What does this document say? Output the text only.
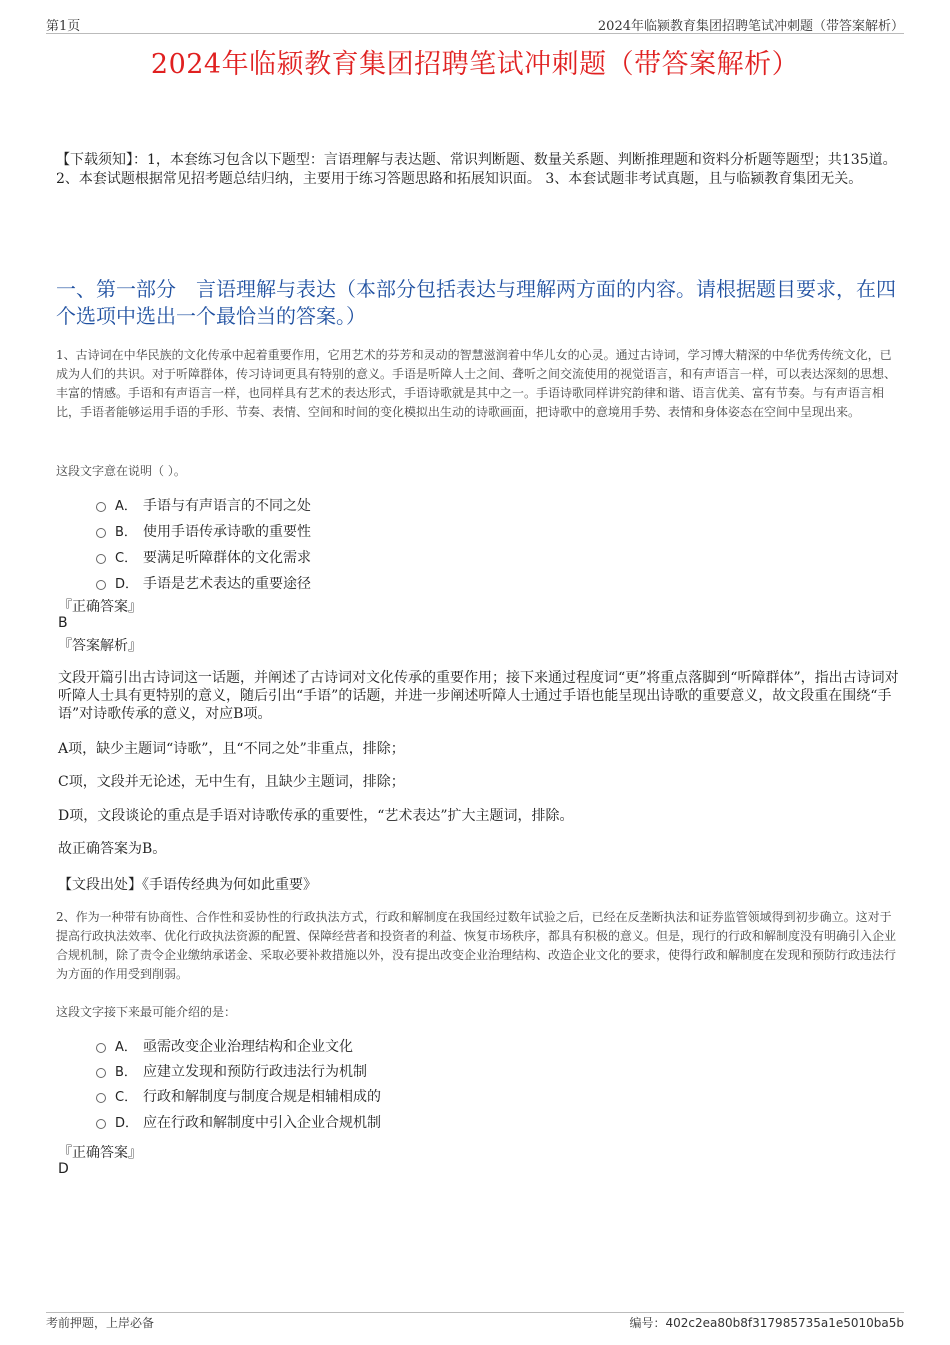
第1页	2024年临颍教育集团招聘笔试冲刺题（带答案解析）
2024年临颍教育集团招聘笔试冲刺题（带答案解析）
【下载须知】：1，本套练习包含以下题型：言语理解与表达题、常识判断题、数量关系题、判断推理题和资料分析题等题型；共135道。 2、本套试题根据常见招考题总结归纳，主要用于练习答题思路和拓展知识面。 3、本套试题非考试真题，且与临颍教育集团无关。
一、第一部分　言语理解与表达（本部分包括表达与理解两方面的内容。请根据题目要求，在四个选项中选出一个最恰当的答案。）
1、古诗词在中华民族的文化传承中起着重要作用，它用艺术的芬芳和灵动的智慧滋润着中华儿女的心灵。通过古诗词，学习博大精深的中华优秀传统文化，已成为人们的共识。对于听障群体，传习诗词更具有特别的意义。手语是听障人士之间、聋听之间交流使用的视觉语言，和有声语言一样，可以表达深刻的思想、丰富的情感。手语和有声语言一样，也同样具有艺术的表达形式，手语诗歌就是其中之一。手语诗歌同样讲究韵律和谐、语言优美、富有节奏。与有声语言相比，手语者能够运用手语的手形、节奏、表情、空间和时间的变化模拟出生动的诗歌画面，把诗歌中的意境用手势、表情和身体姿态在空间中呈现出来。
这段文字意在说明（ ）。
A． 手语与有声语言的不同之处
B． 使用手语传承诗歌的重要性
C． 要满足听障群体的文化需求
D． 手语是艺术表达的重要途径
『正确答案』
B
『答案解析』
文段开篇引出古诗词这一话题，并阐述了古诗词对文化传承的重要作用；接下来通过程度词“更”将重点落脚到“听障群体”，指出古诗词对听障人士具有更特别的意义，随后引出“手语”的话题，并进一步阐述听障人士通过手语也能呈现出诗歌的重要意义，故文段重在围绕“手语”对诗歌传承的意义，对应B项。
A项，缺少主题词“诗歌”，且“不同之处”非重点，排除；
C项，文段并无论述，无中生有，且缺少主题词，排除；
D项，文段谈论的重点是手语对诗歌传承的重要性，“艺术表达”扩大主题词，排除。
故正确答案为B。
【文段出处】《手语传经典为何如此重要》
2、作为一种带有协商性、合作性和妥协性的行政执法方式，行政和解制度在我国经过数年试验之后，已经在反垄断执法和证券监管领域得到初步确立。这对于提高行政执法效率、优化行政执法资源的配置、保障经营者和投资者的利益、恢复市场秩序，都具有积极的意义。但是，现行的行政和解制度没有明确引入企业合规机制，除了责令企业缴纳承诺金、采取必要补救措施以外，没有提出改变企业治理结构、改造企业文化的要求，使得行政和解制度在发现和预防行政违法行为方面的作用受到削弱。
这段文字接下来最可能介绍的是：
A． 亟需改变企业治理结构和企业文化
B． 应建立发现和预防行政违法行为机制
C． 行政和解制度与制度合规是相辅相成的
D． 应在行政和解制度中引入企业合规机制
『正确答案』
D
考前押题，上岸必备	编号：402c2ea80b8f317985735a1e5010ba5b
